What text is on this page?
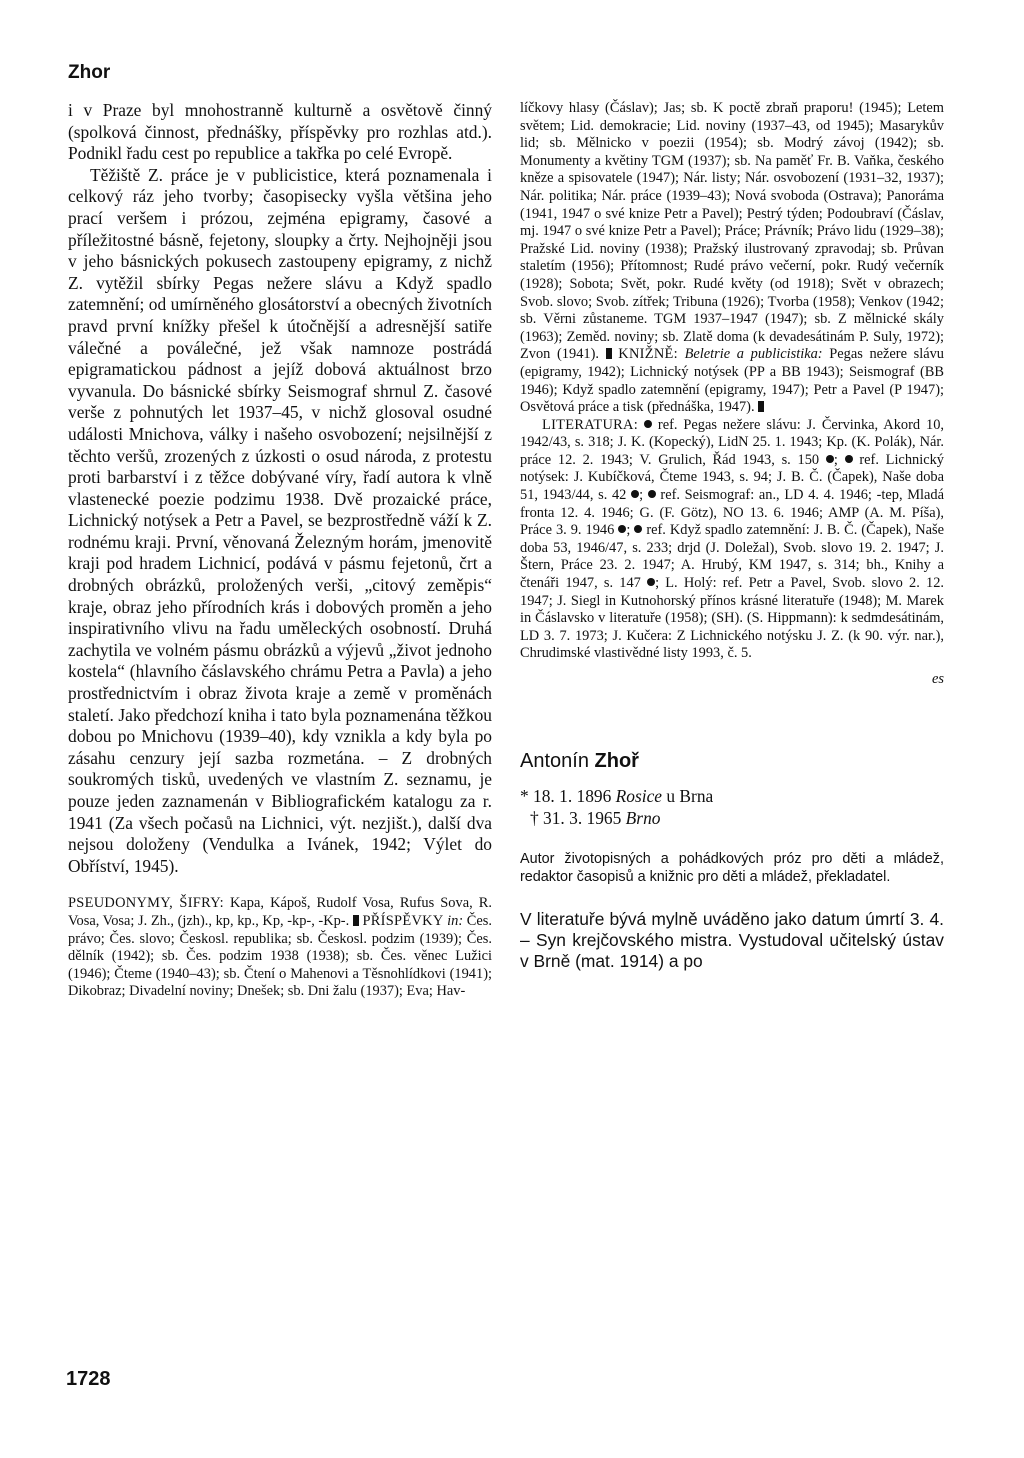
Zhor

i v Praze byl mnohostranně kulturně a osvětově činný (spolková činnost, přednášky, příspěvky pro rozhlas atd.). Podnikl řadu cest po republice a takřka po celé Evropě.

Těžiště Z. práce je v publicistice, která poznamenala i celkový ráz jeho tvorby; časopisecky vyšla většina jeho prací veršem i prózou, zejména epigramy, časové a příležitostné básně, fejetony, sloupky a črty. Nejhojněji jsou v jeho básnických pokusech zastoupeny epigramy, z nichž Z. vytěžil sbírky Pegas nežere slávu a Když spadlo zatemnění; od umírněného glosátorství a obecných životních pravd první knížky přešel k útočnější a adresnější satiře válečné a poválečné, jež však namnoze postrádá epigramatickou pádnost a jejíž dobová aktuálnost brzo vyvanula. Do básnické sbírky Seismograf shrnul Z. časové verše z pohnutých let 1937–45, v nichž glosoval osudné události Mnichova, války i našeho osvobození; nejsilnější z těchto veršů, zrozených z úzkosti o osud národa, z protestu proti barbarství i z těžce dobývané víry, řadí autora k vlně vlastenecké poezie podzimu 1938. Dvě prozaické práce, Lichnický notýsek a Petr a Pavel, se bezprostředně váží k Z. rodnému kraji. První, věnovaná Železným horám, jmenovitě kraji pod hradem Lichnicí, podává v pásmu fejetonů, črt a drobných obrázků, proložených verši, „citový zeměpis“ kraje, obraz jeho přírodních krás i dobových proměn a jeho inspirativního vlivu na řadu uměleckých osobností. Druhá zachytila ve volném pásmu obrázků a výjevů „život jednoho kostela“ (hlavního čáslavského chrámu Petra a Pavla) a jeho prostřednictvím i obraz života kraje a země v proměnách staletí. Jako předchozí kniha i tato byla poznamenána těžkou dobou po Mnichovu (1939–40), kdy vznikla a kdy byla po zásahu cenzury její sazba rozmetána. – Z drobných soukromých tisků, uvedených ve vlastním Z. seznamu, je pouze jeden zaznamenán v Bibliografickém katalogu za r. 1941 (Za všech počasů na Lichnici, výt. nezjišt.), další dva nejsou doloženy (Vendulka a Ivánek, 1942; Výlet do Obříství, 1945).

PSEUDONYMY, ŠIFRY: Kapa, Kápoš, Rudolf Vosa, Rufus Sova, R. Vosa, Vosa; J. Zh., (jzh)., kp, kp., Kp, -kp-, -Kp-. PŘÍSPĚVKY in: Čes. právo; Čes. slovo; Českosl. republika; sb. Českosl. podzim (1939); Čes. dělník (1942); sb. Čes. podzim 1938 (1938); sb. Čes. věnec Lužici (1946); Čteme (1940–43); sb. Čtení o Mahenovi a Těsnohlídkovi (1941); Dikobraz; Divadelní noviny; Dnešek; sb. Dni žalu (1937); Eva; Hav-
líčkovy hlasy (Čáslav); Jas; sb. K poctě zbraň praporu! (1945); Letem světem; Lid. demokracie; Lid. noviny (1937–43, od 1945); Masarykův lid; sb. Mělnicko v poezii (1954); sb. Modrý závoj (1942); sb. Monumenty a květiny TGM (1937); sb. Na paměť Fr. B. Vaňka, českého kněze a spisovatele (1947); Nár. listy; Nár. osvobození (1931–32, 1937); Nár. politika; Nár. práce (1939–43); Nová svoboda (Ostrava); Panoráma (1941, 1947 o své knize Petr a Pavel); Pestrý týden; Podoubraví (Čáslav, mj. 1947 o své knize Petr a Pavel); Práce; Právník; Právo lidu (1929–38); Pražské Lid. noviny (1938); Pražský ilustrovaný zpravodaj; sb. Průvan staletím (1956); Přítomnost; Rudé právo večerní, pokr. Rudý večerník (1928); Sobota; Svět, pokr. Rudé květy (od 1918); Svět v obrazech; Svob. slovo; Svob. zítřek; Tribuna (1926); Tvorba (1958); Venkov (1942; sb. Věrni zůstaneme. TGM 1937–1947 (1947); sb. Z mělnické skály (1963); Zeměd. noviny; sb. Zlatě doma (k devadesátinám P. Suly, 1972); Zvon (1941). KNIŽNĚ: Beletrie a publicistika: Pegas nežere slávu (epigramy, 1942); Lichnický notýsek (PP a BB 1943); Seismograf (BB 1946); Když spadlo zatemnění (epigramy, 1947); Petr a Pavel (P 1947); Osvětová práce a tisk (přednáška, 1947).
LITERATURA: ref. Pegas nežere slávu: J. Červinka, Akord 10, 1942/43, s. 318; J. K. (Kopecký), LidN 25. 1. 1943; Kp. (K. Polák), Nár. práce 12. 2. 1943; V. Grulich, Řád 1943, s. 150 ;  ref. Lichnický notýsek: J. Kubíčková, Čteme 1943, s. 94; J. B. Č. (Čapek), Naše doba 51, 1943/44, s. 42 ;  ref. Seismograf: an., LD 4. 4. 1946; -tep, Mladá fronta 12. 4. 1946; G. (F. Götz), NO 13. 6. 1946; AMP (A. M. Píša), Práce 3. 9. 1946 ;  ref. Když spadlo zatemnění: J. B. Č. (Čapek), Naše doba 53, 1946/47, s. 233; drjd (J. Doležal), Svob. slovo 19. 2. 1947; J. Štern, Práce 23. 2. 1947; A. Hrubý, KM 1947, s. 314; bh., Knihy a čtenáři 1947, s. 147 ; L. Holý: ref. Petr a Pavel, Svob. slovo 2. 12. 1947; J. Siegl in Kutnohorský přínos krásné literatuře (1948); M. Marek in Čáslavsko v literatuře (1958); (SH). (S. Hippmann): k sedmdesátinám, LD 3. 7. 1973; J. Kučera: Z Lichnického notýsku J. Z. (k 90. výr. nar.), Chrudimské vlastivědné listy 1993, č. 5.

es

Antonín Zhoř

* 18. 1. 1896 Rosice u Brna

† 31. 3. 1965 Brno

Autor životopisných a pohádkových próz pro děti a mládež, redaktor časopisů a knižnic pro děti a mládež, překladatel.

V literatuře bývá mylně uváděno jako datum úmrtí 3. 4. – Syn krejčovského mistra. Vystudoval učitelský ústav v Brně (mat. 1914) a po

1728
